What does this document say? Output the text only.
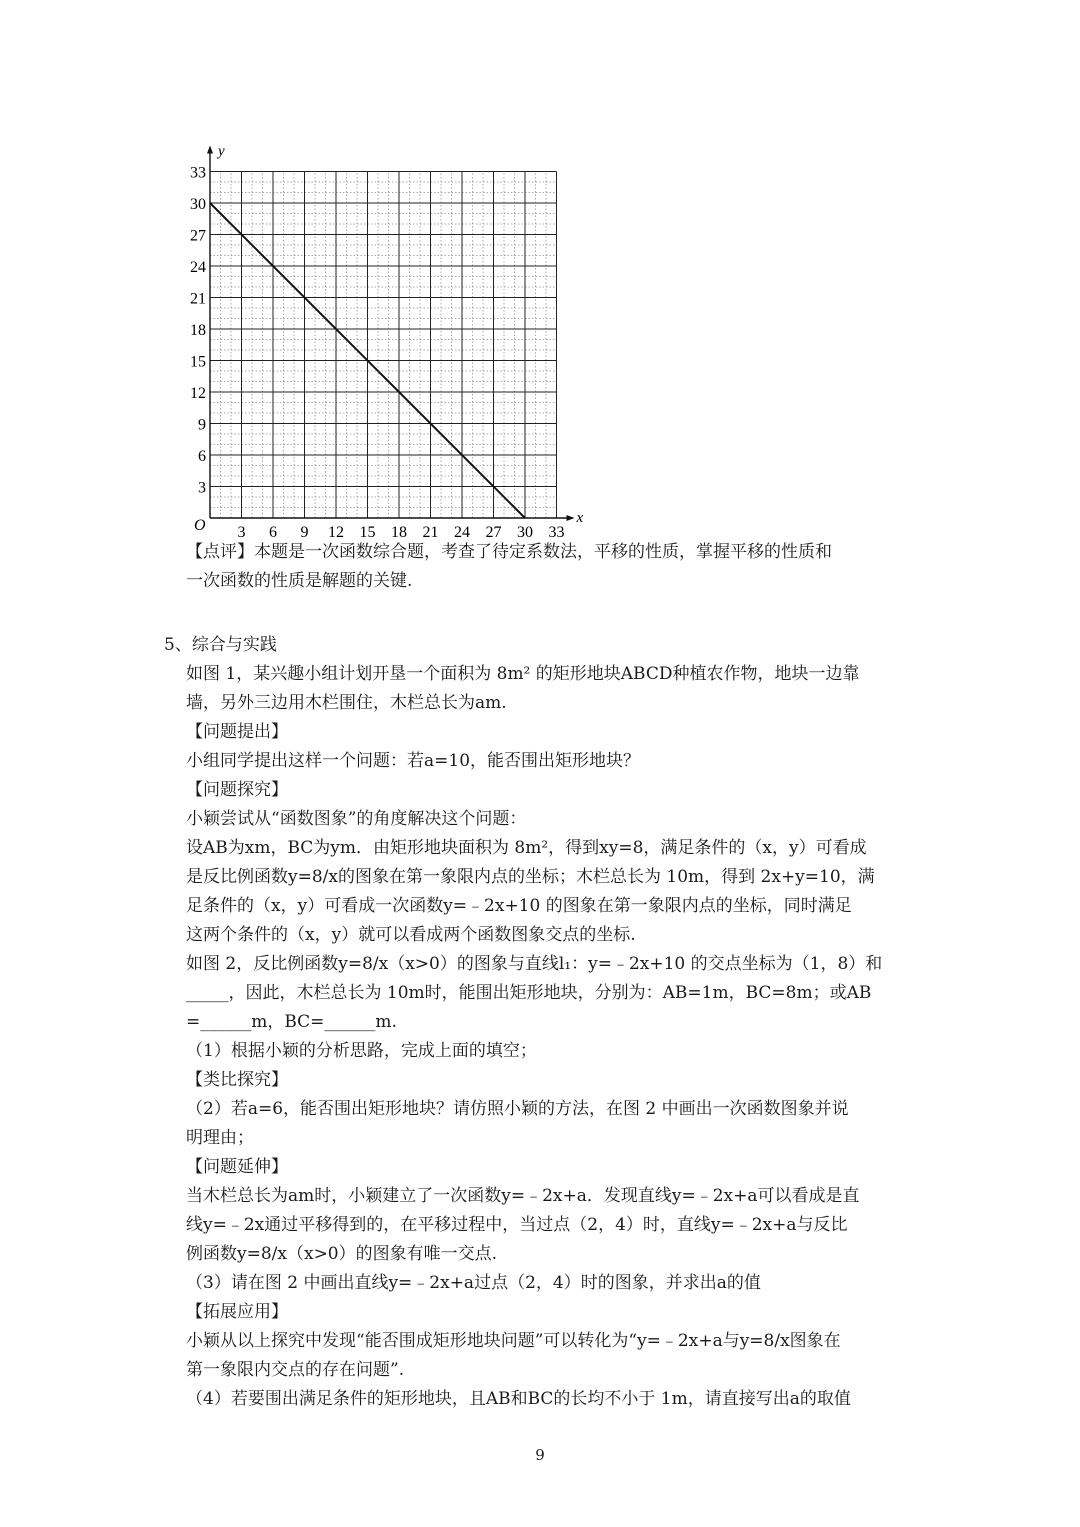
x
y
O 3 6 9 12 15 18 21 24 27 30 33
3
6
9
12
15
18
21
24
27
30
33
【点评】本题是一次函数综合题，考查了待定系数法，平移的性质，掌握平移的性质和
一次函数的性质是解题的关键.
5、综合与实践
如图 1，某兴趣小组计划开垦一个面积为 8m² 的矩形地块ABCD种植农作物，地块一边靠
墙，另外三边用木栏围住，木栏总长为am.
【问题提出】
小组同学提出这样一个问题：若a=10，能否围出矩形地块？
【问题探究】
小颖尝试从“函数图象”的角度解决这个问题：
设AB为xm，BC为ym．由矩形地块面积为 8m²，得到xy=8，满足条件的（x，y）可看成
是反比例函数y=8/x的图象在第一象限内点的坐标；木栏总长为 10m，得到 2x+y=10，满
足条件的（x，y）可看成一次函数y=﹣2x+10 的图象在第一象限内点的坐标，同时满足
这两个条件的（x，y）就可以看成两个函数图象交点的坐标.
如图 2，反比例函数y=8/x（x>0）的图象与直线l₁：y=﹣2x+10 的交点坐标为（1，8）和
_____，因此，木栏总长为 10m时，能围出矩形地块，分别为：AB=1m，BC=8m；或AB
=______m，BC=______m.
（1）根据小颖的分析思路，完成上面的填空；
【类比探究】
（2）若a=6，能否围出矩形地块？请仿照小颖的方法，在图 2 中画出一次函数图象并说
明理由；
【问题延伸】
当木栏总长为am时，小颖建立了一次函数y=﹣2x+a．发现直线y=﹣2x+a可以看成是直
线y=﹣2x通过平移得到的，在平移过程中，当过点（2，4）时，直线y=﹣2x+a与反比
例函数y=8/x（x>0）的图象有唯一交点.
（3）请在图 2 中画出直线y=﹣2x+a过点（2，4）时的图象，并求出a的值
【拓展应用】
小颖从以上探究中发现“能否围成矩形地块问题”可以转化为“y=﹣2x+a与y=8/x图象在
第一象限内交点的存在问题”.
（4）若要围出满足条件的矩形地块，且AB和BC的长均不小于 1m，请直接写出a的取值
9
